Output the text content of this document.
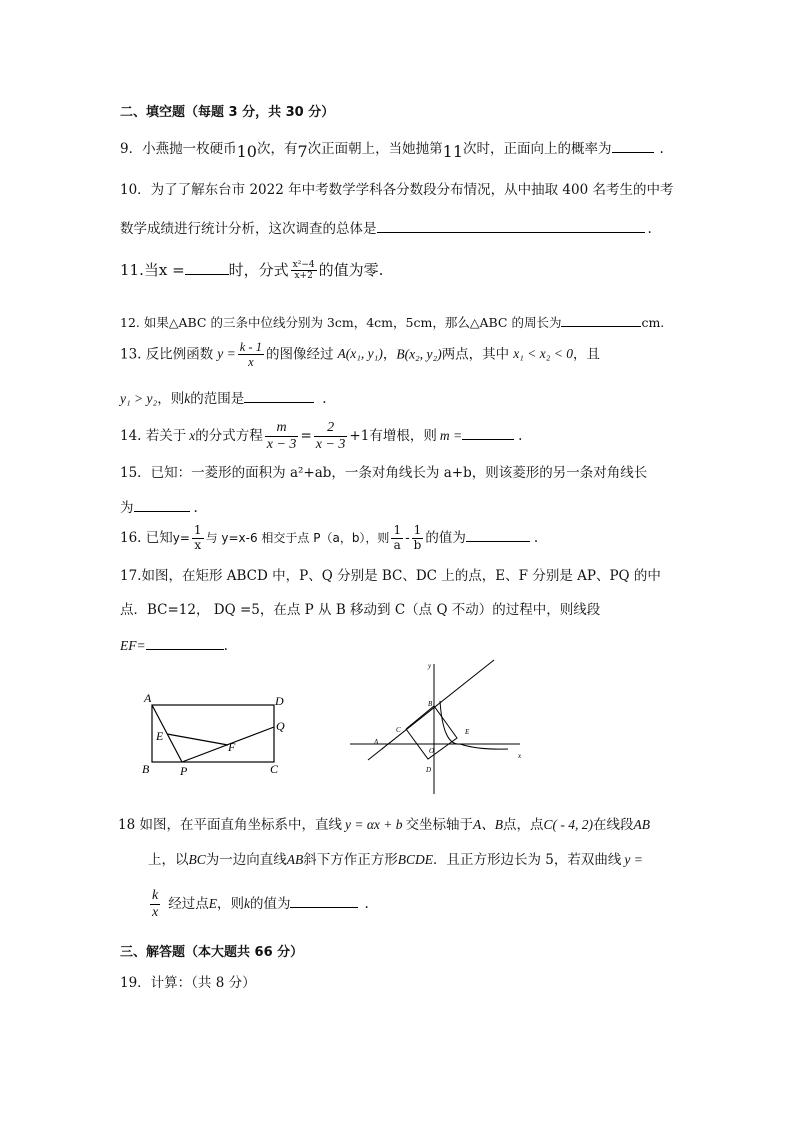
二、填空题（每题 3 分，共 30 分）
9．小燕抛一枚硬币10次，有7次正面朝上，当她抛第11次时，正面向上的概率为	.
10．为了了解东台市 2022 年中考数学学科各分数段分布情况，从中抽取 400 名考生的中考
数学成绩进行统计分析，这次调查的总体是	.
11.当x =	时，分式 $\frac{\text{x²−4}}{x+2}$ 的值为零.
12. 如果△ABC 的三条中位线分别为 3cm，4cm，5cm，那么△ABC 的周长为	cm.
13. 反比例函数 $y = \frac{k - 1}{x}$ 的图像经过 A(x₁, y₁)，B(x₂, y₂)两点，其中 x₁ < x₂ < 0，且
y₁ > y₂，则k的范围是	.
14. 若关于 x的分式方程 $\frac{m}{x - 3} = \frac{2}{x - 3} +1$有增根，则 m =	.
15．已知：一菱形的面积为 a²+ab，一条对角线长为 a+b，则该菱形的另一条对角线长
为	.
16. 已知$y= \frac{1}{x}$ 与 y=x-6 相交于点 P（a，b），则 $\frac{1}{a} - \frac{1}{b}$ 的值为	.
17.如图，在矩形 ABCD 中，P、Q 分别是 BC、DC 上的点，E、F 分别是 AP、PQ 的中
点．BC=12， DQ =5，在点 P 从 B 移动到 C（点 Q 不动）的过程中，则线段
EF=	.
A	D
Q
E
F
B	P	C
y
x
A
B
C
D
E
O
18 如图，在平面直角坐标系中，直线 y = αx + b 交坐标轴于A、B点，点C( - 4, 2)在线段AB
上，以BC为一边向直线AB斜下方作正方形BCDE．且正方形边长为 5，若双曲线 y =
$\frac{k}{x}$ 经过点E，则k的值为	.
三、解答题（本大题共 66 分）
19．计算：（共 8 分）
